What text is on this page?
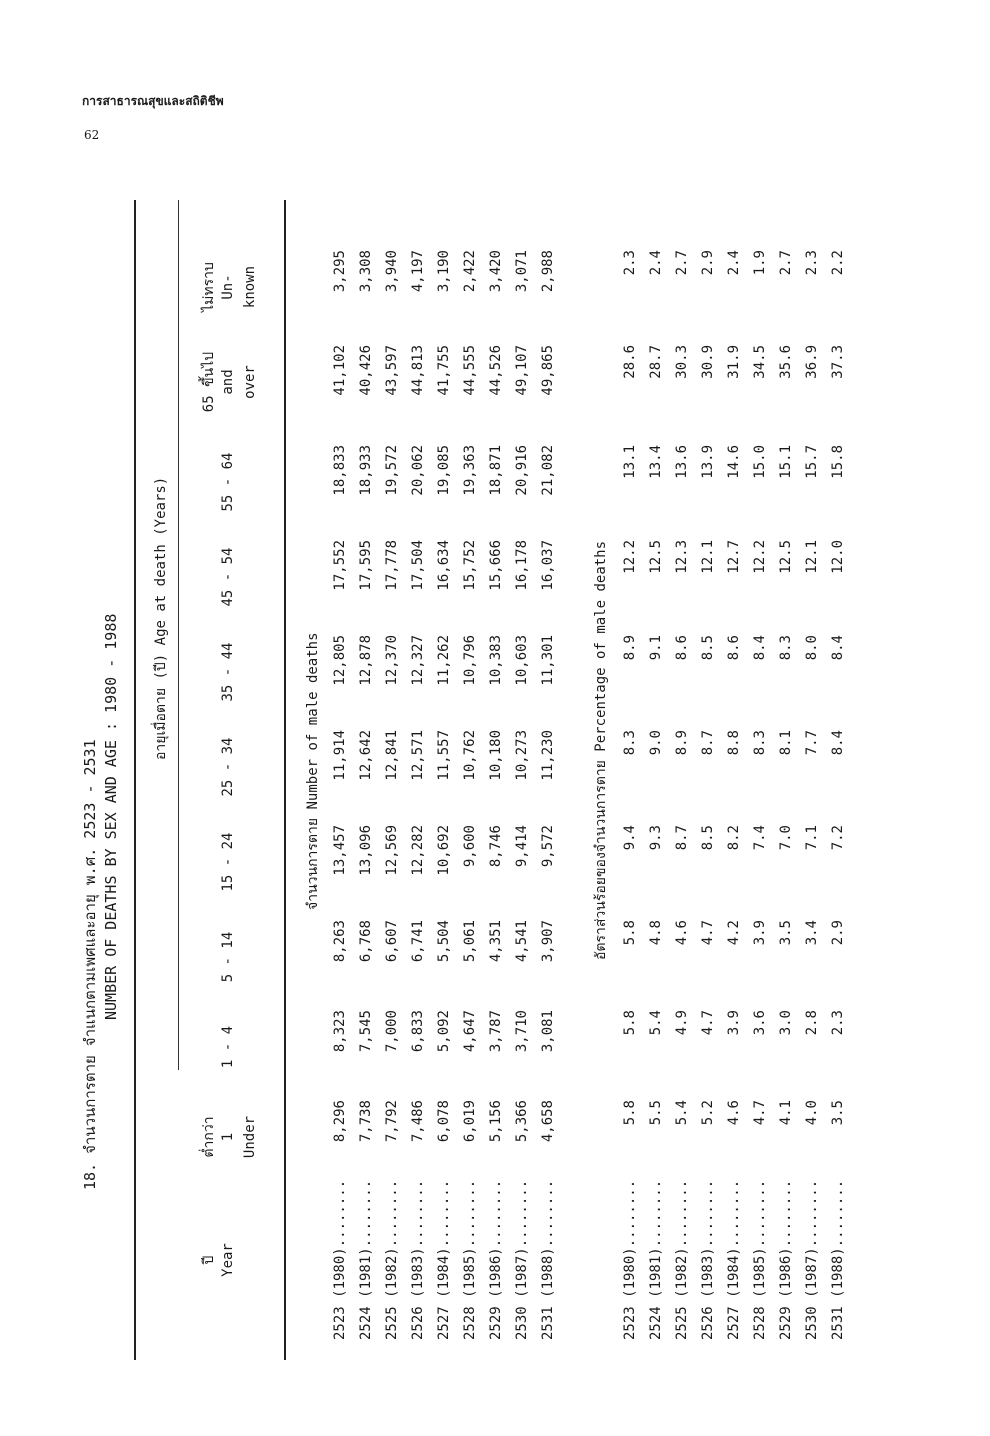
การสาธารณสุขและสถิติชีพ
62
18. จำนวนการตาย จำแนกตามเพศและอายุ พ.ศ. 2523 - 2531 NUMBER OF DEATHS BY SEX AND AGE : 1980 - 1988 อายุเมื่อตาย (ปี) Age at death (Years)
ปี Year
ต่ำกว่า 1 Under
1 - 4
5 - 14
15 - 24
25 - 34
35 - 44
45 - 54
55 - 64
65 ขึ้นไป and over
ไม่ทราบ Un- known
จำนวนการตาย Number of male deaths
2523 (1980)........
8,296
8,323
8,263
13,457
11,914
12,805
17,552
18,833
41,102
3,295
2524 (1981)........
7,738
7,545
6,768
13,096
12,642
12,878
17,595
18,933
40,426
3,308
2525 (1982)........
7,792
7,000
6,607
12,569
12,841
12,370
17,778
19,572
43,597
3,940
2526 (1983)........
7,486
6,833
6,741
12,282
12,571
12,327
17,504
20,062
44,813
4,197
2527 (1984)........
6,078
5,092
5,504
10,692
11,557
11,262
16,634
19,085
41,755
3,190
2528 (1985)........
6,019
4,647
5,061
9,600
10,762
10,796
15,752
19,363
44,555
2,422
2529 (1986)........
5,156
3,787
4,351
8,746
10,180
10,383
15,666
18,871
44,526
3,420
2530 (1987)........
5,366
3,710
4,541
9,414
10,273
10,603
16,178
20,916
49,107
3,071
2531 (1988)........
4,658
3,081
3,907
9,572
11,230
11,301
16,037
21,082
49,865
2,988
อัตราส่วนร้อยของจำนวนการตาย Percentage of male deaths
2523 (1980)........
5.8
5.8
5.8
9.4
8.3
8.9
12.2
13.1
28.6
2.3
2524 (1981)........
5.5
5.4
4.8
9.3
9.0
9.1
12.5
13.4
28.7
2.4
2525 (1982)........
5.4
4.9
4.6
8.7
8.9
8.6
12.3
13.6
30.3
2.7
2526 (1983)........
5.2
4.7
4.7
8.5
8.7
8.5
12.1
13.9
30.9
2.9
2527 (1984)........
4.6
3.9
4.2
8.2
8.8
8.6
12.7
14.6
31.9
2.4
2528 (1985)........
4.7
3.6
3.9
7.4
8.3
8.4
12.2
15.0
34.5
1.9
2529 (1986)........
4.1
3.0
3.5
7.0
8.1
8.3
12.5
15.1
35.6
2.7
2530 (1987)........
4.0
2.8
3.4
7.1
7.7
8.0
12.1
15.7
36.9
2.3
2531 (1988)........
3.5
2.3
2.9
7.2
8.4
8.4
12.0
15.8
37.3
2.2
